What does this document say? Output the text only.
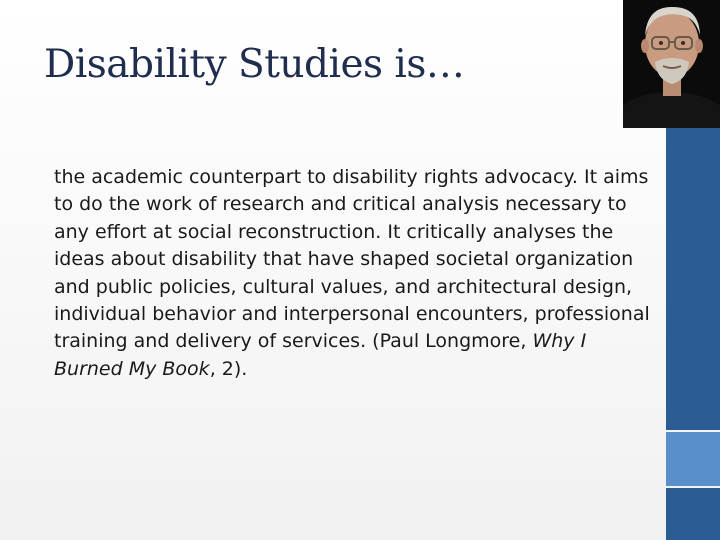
Disability Studies is…
the academic counterpart to disability rights advocacy. It aims to do the work of research and critical analysis necessary to any effort at social reconstruction. It critically analyses the ideas about disability that have shaped societal organization and public policies, cultural values, and architectural design, individual behavior and interpersonal encounters, professional training and delivery of services. (Paul Longmore, Why I Burned My Book, 2).
